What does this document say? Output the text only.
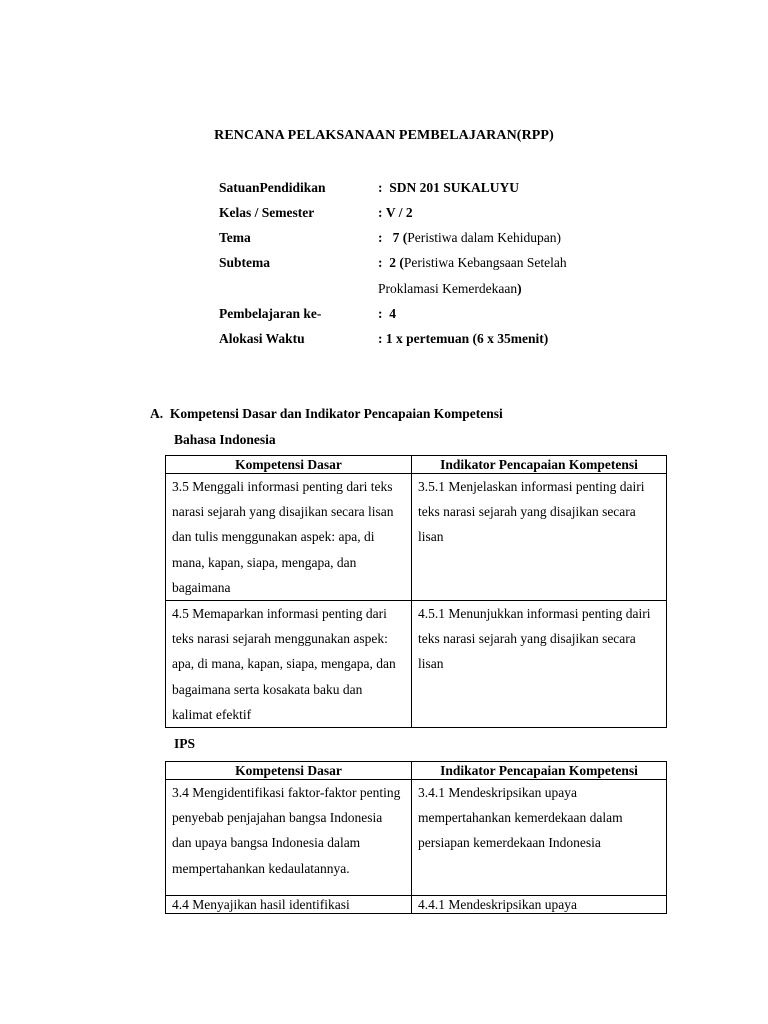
RENCANA PELAKSANAAN PEMBELAJARAN(RPP)
SatuanPendidikan	: SDN 201 SUKALUYU
Kelas / Semester	: V / 2
Tema	: 7 (Peristiwa dalam Kehidupan)
Subtema	: 2 (Peristiwa Kebangsaan Setelah
Proklamasi Kemerdekaan)
Pembelajaran ke-	: 4
Alokasi Waktu	: 1 x pertemuan (6 x 35menit)
A. Kompetensi Dasar dan Indikator Pencapaian Kompetensi
Bahasa Indonesia
Kompetensi Dasar	Indikator Pencapaian Kompetensi
3.5 Menggali informasi penting dari teks narasi sejarah yang disajikan secara lisan dan tulis menggunakan aspek: apa, di mana, kapan, siapa, mengapa, dan bagaimana	3.5.1 Menjelaskan informasi penting dairi teks narasi sejarah yang disajikan secara lisan
4.5 Memaparkan informasi penting dari teks narasi sejarah menggunakan aspek: apa, di mana, kapan, siapa, mengapa, dan bagaimana serta kosakata baku dan kalimat efektif	4.5.1 Menunjukkan informasi penting dairi teks narasi sejarah yang disajikan secara lisan
IPS
Kompetensi Dasar	Indikator Pencapaian Kompetensi
3.4 Mengidentifikasi faktor-faktor penting penyebab penjajahan bangsa Indonesia dan upaya bangsa Indonesia dalam mempertahankan kedaulatannya.	3.4.1 Mendeskripsikan upaya mempertahankan kemerdekaan dalam persiapan kemerdekaan Indonesia
4.4 Menyajikan hasil identifikasi	4.4.1 Mendeskripsikan upaya
